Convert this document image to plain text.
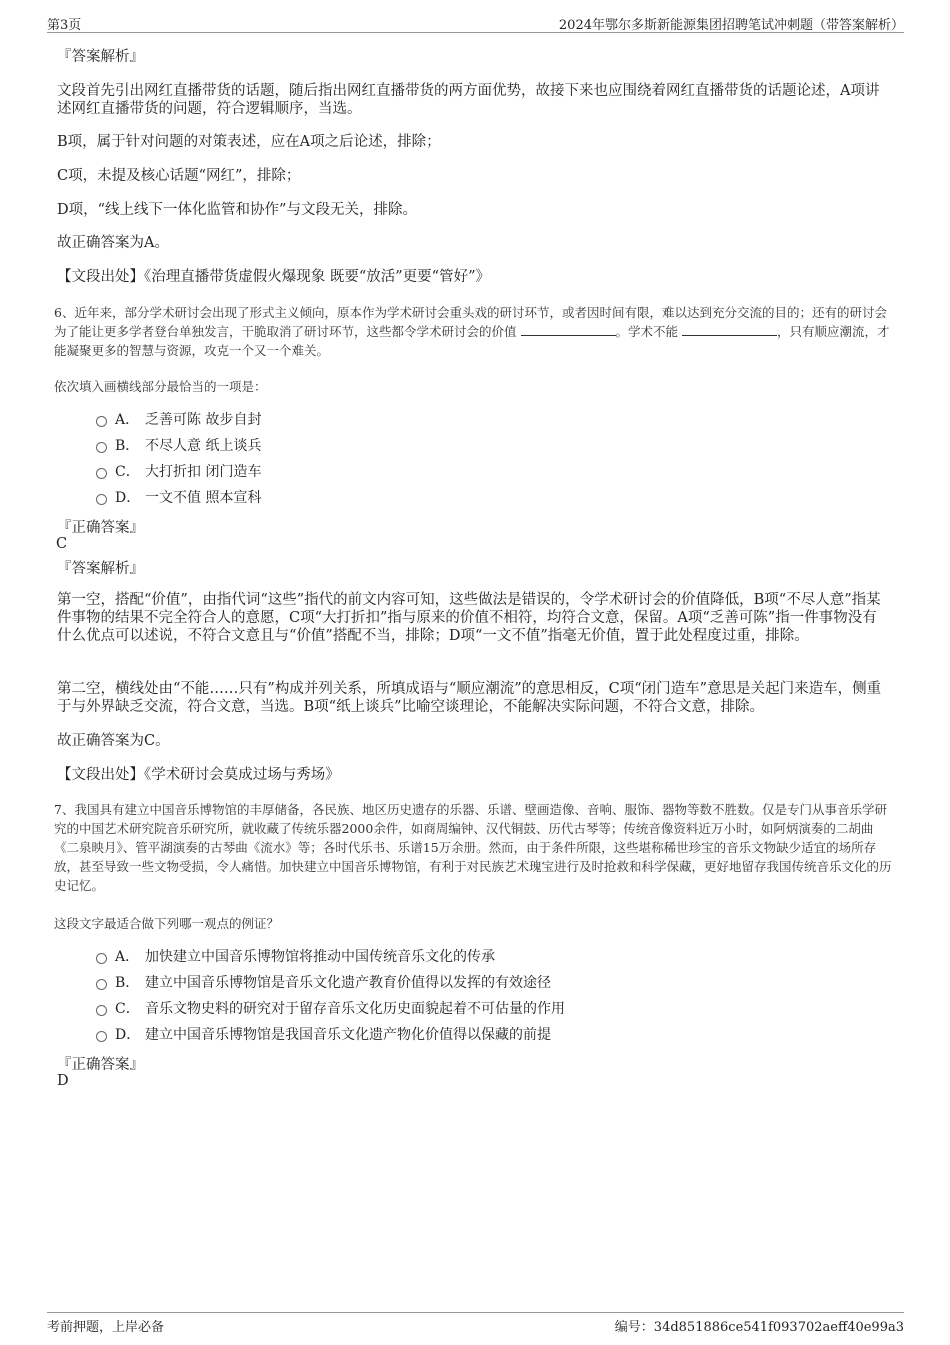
第3页	2024年鄂尔多斯新能源集团招聘笔试冲刺题（带答案解析）
『答案解析』
文段首先引出网红直播带货的话题，随后指出网红直播带货的两方面优势，故接下来也应围绕着网红直播带货的话题论述，A项讲述网红直播带货的问题，符合逻辑顺序，当选。
B项，属于针对问题的对策表述，应在A项之后论述，排除；
C项，未提及核心话题“网红”，排除；
D项，“线上线下一体化监管和协作”与文段无关，排除。
故正确答案为A。
【文段出处】《治理直播带货虚假火爆现象 既要“放活”更要“管好”》
6、近年来，部分学术研讨会出现了形式主义倾向，原本作为学术研讨会重头戏的研讨环节，或者因时间有限，难以达到充分交流的目的；还有的研讨会为了能让更多学者登台单独发言，干脆取消了研讨环节，这些都令学术研讨会的价值	。学术不能	，只有顺应潮流，才能凝聚更多的智慧与资源，攻克一个又一个难关。
依次填入画横线部分最恰当的一项是：
A． 乏善可陈 故步自封
B． 不尽人意 纸上谈兵
C． 大打折扣 闭门造车
D． 一文不值 照本宣科
『正确答案』
C
『答案解析』
第一空，搭配“价值”，由指代词“这些”指代的前文内容可知，这些做法是错误的，令学术研讨会的价值降低，B项“不尽人意”指某件事物的结果不完全符合人的意愿，C项“大打折扣”指与原来的价值不相符，均符合文意，保留。A项“乏善可陈”指一件事物没有什么优点可以述说，不符合文意且与“价值”搭配不当，排除；D项“一文不值”指毫无价值，置于此处程度过重，排除。
第二空，横线处由“不能……只有”构成并列关系，所填成语与“顺应潮流”的意思相反，C项“闭门造车”意思是关起门来造车，侧重于与外界缺乏交流，符合文意，当选。B项“纸上谈兵”比喻空谈理论，不能解决实际问题，不符合文意，排除。
故正确答案为C。
【文段出处】《学术研讨会莫成过场与秀场》
7、我国具有建立中国音乐博物馆的丰厚储备，各民族、地区历史遗存的乐器、乐谱、壁画造像、音响、服饰、器物等数不胜数。仅是专门从事音乐学研究的中国艺术研究院音乐研究所，就收藏了传统乐器2000余件，如商周编钟、汉代铜鼓、历代古琴等；传统音像资料近万小时，如阿炳演奏的二胡曲《二泉映月》、管平湖演奏的古琴曲《流水》等；各时代乐书、乐谱15万余册。然而，由于条件所限，这些堪称稀世珍宝的音乐文物缺少适宜的场所存放，甚至导致一些文物受损，令人痛惜。加快建立中国音乐博物馆，有利于对民族艺术瑰宝进行及时抢救和科学保藏，更好地留存我国传统音乐文化的历史记忆。
这段文字最适合做下列哪一观点的例证？
A． 加快建立中国音乐博物馆将推动中国传统音乐文化的传承
B． 建立中国音乐博物馆是音乐文化遗产教育价值得以发挥的有效途径
C． 音乐文物史料的研究对于留存音乐文化历史面貌起着不可估量的作用
D． 建立中国音乐博物馆是我国音乐文化遗产物化价值得以保藏的前提
『正确答案』
D
考前押题，上岸必备	编号：34d851886ce541f093702aeff40e99a3
